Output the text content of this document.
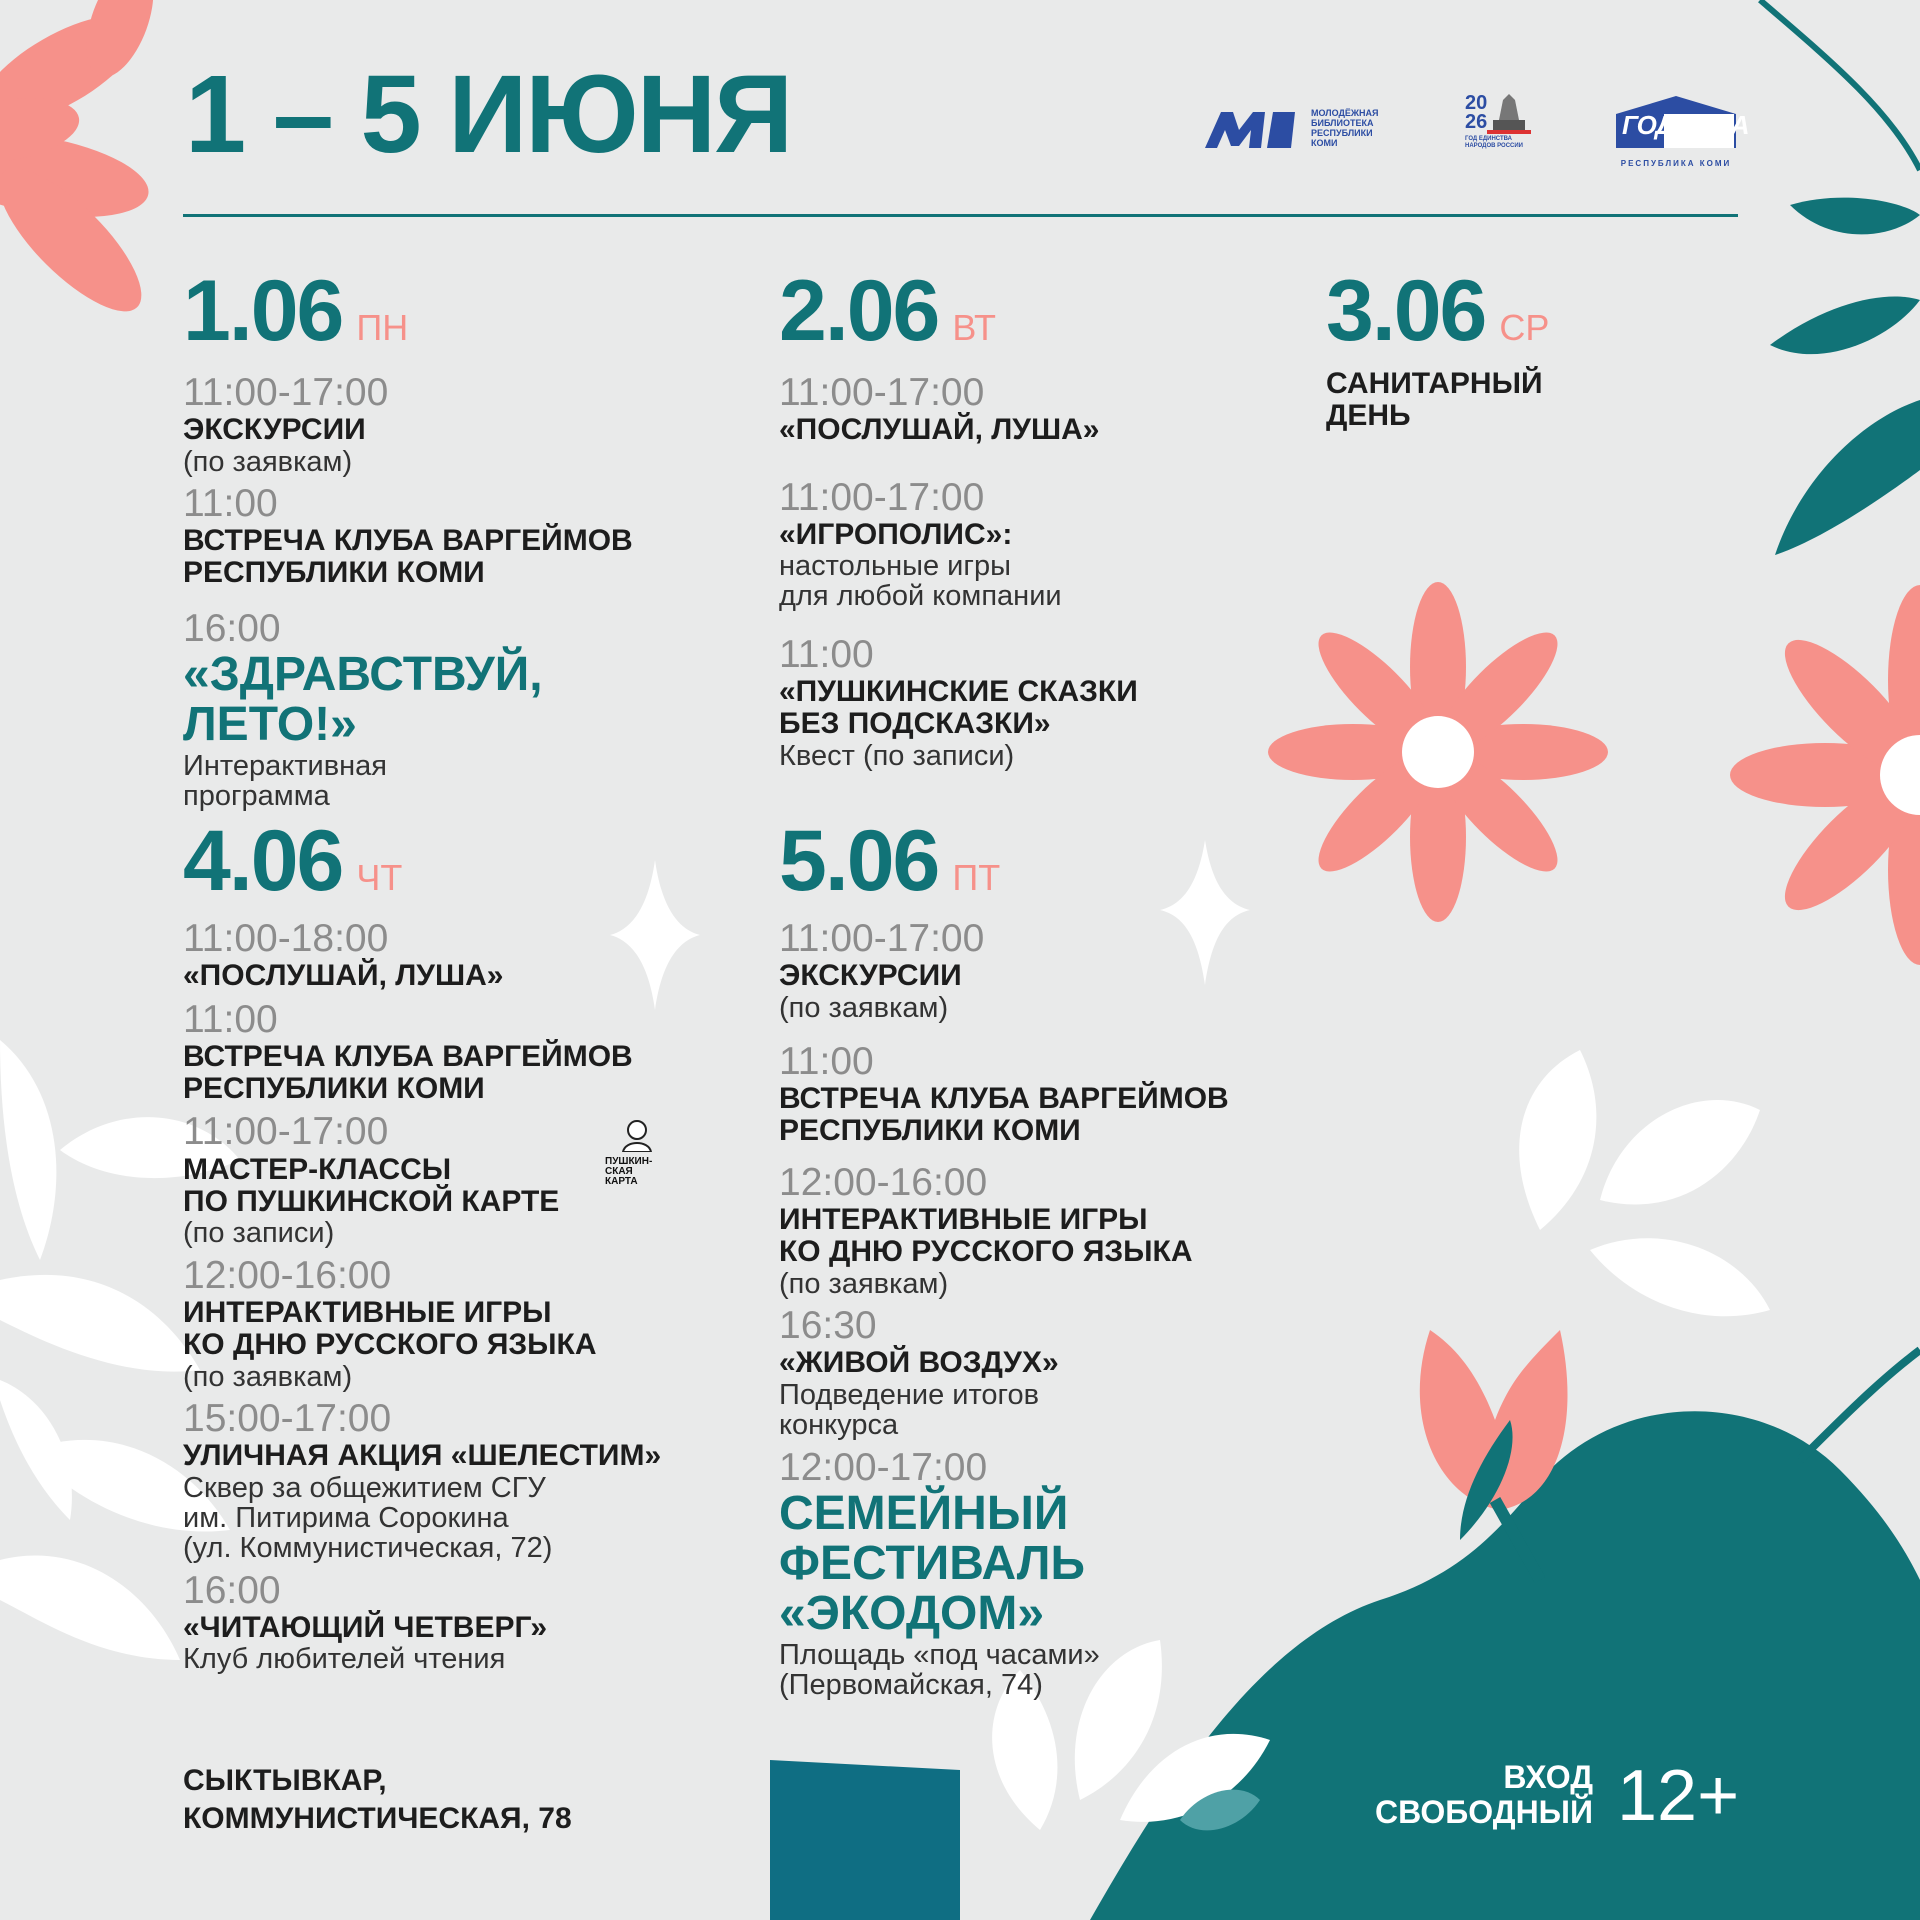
1 – 5 ИЮНЯ	МОЛОДЁЖНАЯ
БИБЛИОТЕКА
РЕСПУБЛИКИ
КОМИ
20
26
ГОД ЕДИНСТВА
НАРОДОВ РОССИИ
ГОД СЕЛА
РЕСПУБЛИКА КОМИ
1.06 ПН
11:00-17:00
ЭКСКУРСИИ
(по заявкам)
11:00
ВСТРЕЧА КЛУБА ВАРГЕЙМОВ
РЕСПУБЛИКИ КОМИ
16:00
«ЗДРАВСТВУЙ,
ЛЕТО!»
Интерактивная
программа
2.06 ВТ
11:00-17:00
«ПОСЛУШАЙ, ЛУША»
11:00-17:00
«ИГРОПОЛИС»:
настольные игры
для любой компании
11:00
«ПУШКИНСКИЕ СКАЗКИ
БЕЗ ПОДСКАЗКИ»
Квест (по записи)
3.06 СР
САНИТАРНЫЙ
ДЕНЬ
4.06 ЧТ
11:00-18:00
«ПОСЛУШАЙ, ЛУША»
11:00
ВСТРЕЧА КЛУБА ВАРГЕЙМОВ
РЕСПУБЛИКИ КОМИ
11:00-17:00
МАСТЕР-КЛАССЫ
ПО ПУШКИНСКОЙ КАРТЕ
(по записи)
12:00-16:00
ИНТЕРАКТИВНЫЕ ИГРЫ
КО ДНЮ РУССКОГО ЯЗЫКА
(по заявкам)
15:00-17:00
УЛИЧНАЯ АКЦИЯ «ШЕЛЕСТИМ»
Сквер за общежитием СГУ
им. Питирима Сорокина
(ул. Коммунистическая, 72)
16:00
«ЧИТАЮЩИЙ ЧЕТВЕРГ»
Клуб любителей чтения
ПУШКИН-
СКАЯ
КАРТА
5.06 ПТ
11:00-17:00
ЭКСКУРСИИ
(по заявкам)
11:00
ВСТРЕЧА КЛУБА ВАРГЕЙМОВ
РЕСПУБЛИКИ КОМИ
12:00-16:00
ИНТЕРАКТИВНЫЕ ИГРЫ
КО ДНЮ РУССКОГО ЯЗЫКА
(по заявкам)
16:30
«ЖИВОЙ ВОЗДУХ»
Подведение итогов
конкурса
12:00-17:00
СЕМЕЙНЫЙ ФЕСТИВАЛЬ
«ЭКОДОМ»
Площадь «под часами»
(Первомайская, 74)
СЫКТЫВКАР,
КОММУНИСТИЧЕСКАЯ, 78
ВХОД
СВОБОДНЫЙ 12+
